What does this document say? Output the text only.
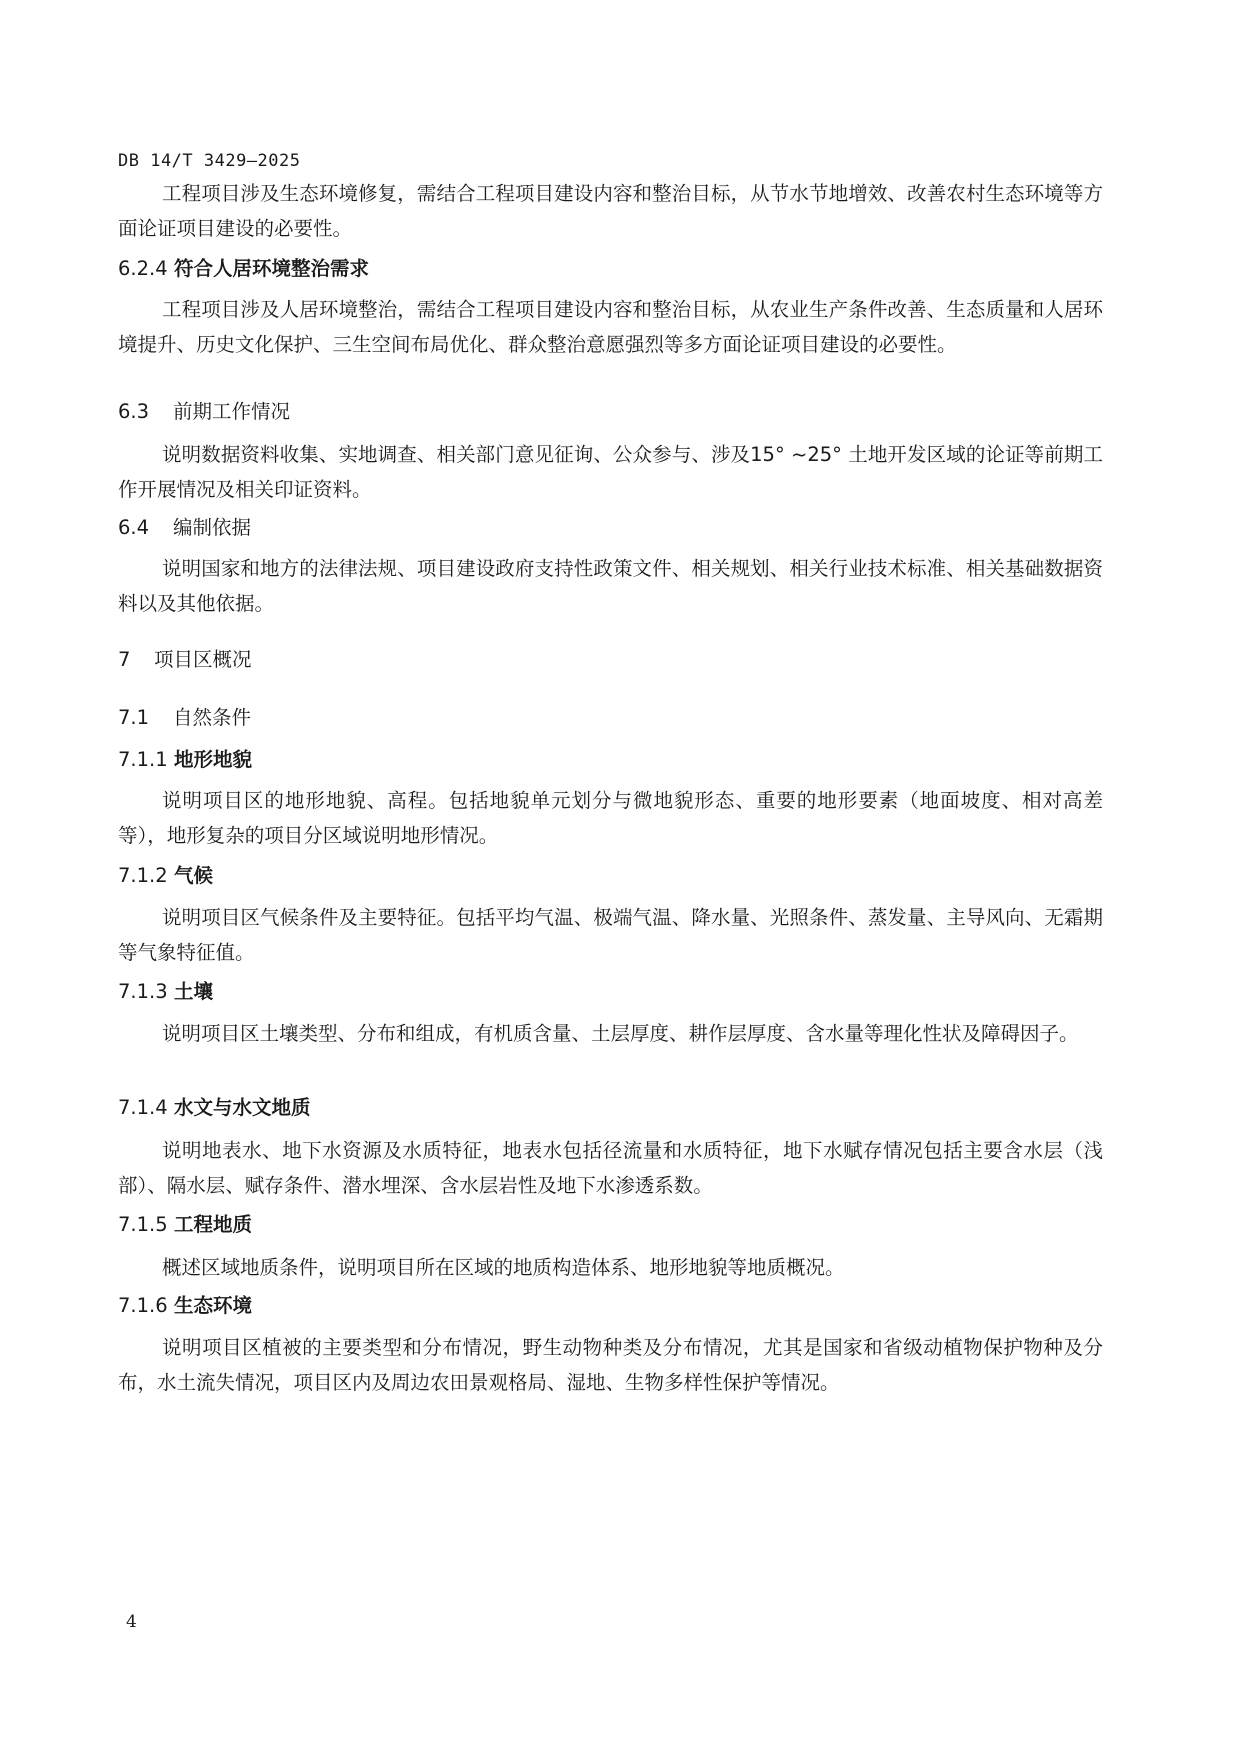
DB 14/T 3429—2025

工程项目涉及生态环境修复，需结合工程项目建设内容和整治目标，从节水节地增效、改善农村生态环境等方面论证项目建设的必要性。

6.2.4 符合人居环境整治需求

工程项目涉及人居环境整治，需结合工程项目建设内容和整治目标，从农业生产条件改善、生态质量和人居环境提升、历史文化保护、三生空间布局优化、群众整治意愿强烈等多方面论证项目建设的必要性。

6.3 前期工作情况

说明数据资料收集、实地调查、相关部门意见征询、公众参与、涉及15° ~25° 土地开发区域的论证等前期工作开展情况及相关印证资料。

6.4 编制依据

说明国家和地方的法律法规、项目建设政府支持性政策文件、相关规划、相关行业技术标准、相关基础数据资料以及其他依据。

7 项目区概况

7.1 自然条件

7.1.1 地形地貌

说明项目区的地形地貌、高程。包括地貌单元划分与微地貌形态、重要的地形要素（地面坡度、相对高差等），地形复杂的项目分区域说明地形情况。

7.1.2 气候

说明项目区气候条件及主要特征。包括平均气温、极端气温、降水量、光照条件、蒸发量、主导风向、无霜期等气象特征值。

7.1.3 土壤

说明项目区土壤类型、分布和组成，有机质含量、土层厚度、耕作层厚度、含水量等理化性状及障碍因子。

7.1.4 水文与水文地质

说明地表水、地下水资源及水质特征，地表水包括径流量和水质特征，地下水赋存情况包括主要含水层（浅部）、隔水层、赋存条件、潜水埋深、含水层岩性及地下水渗透系数。

7.1.5 工程地质

概述区域地质条件，说明项目所在区域的地质构造体系、地形地貌等地质概况。

7.1.6 生态环境

说明项目区植被的主要类型和分布情况，野生动物种类及分布情况，尤其是国家和省级动植物保护物种及分布，水土流失情况，项目区内及周边农田景观格局、湿地、生物多样性保护等情况。

4
